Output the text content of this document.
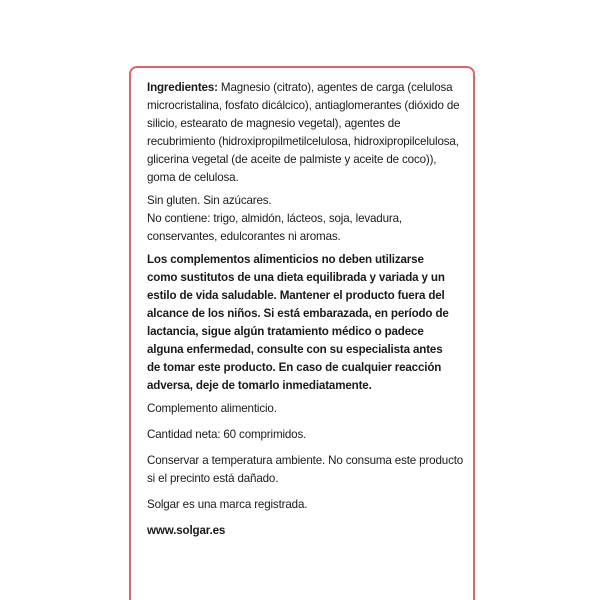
Ingredientes: Magnesio (citrato), agentes de carga (celulosa
microcristalina, fosfato dicálcico), antiaglomerantes (dióxido de
silicio, estearato de magnesio vegetal), agentes de
recubrimiento (hidroxipropilmetilcelulosa, hidroxipropilcelulosa,
glicerina vegetal (de aceite de palmiste y aceite de coco)),
goma de celulosa.
Sin gluten. Sin azúcares.
No contiene: trigo, almidón, lácteos, soja, levadura,
conservantes, edulcorantes ni aromas.
Los complementos alimenticios no deben utilizarse
como sustitutos de una dieta equilibrada y variada y un
estilo de vida saludable. Mantener el producto fuera del
alcance de los niños. Si está embarazada, en período de
lactancia, sigue algún tratamiento médico o padece
alguna enfermedad, consulte con su especialista antes
de tomar este producto. En caso de cualquier reacción
adversa, deje de tomarlo inmediatamente.
Complemento alimenticio.
Cantidad neta: 60 comprimidos.
Conservar a temperatura ambiente. No consuma este producto
si el precinto está dañado.
Solgar es una marca registrada.
www.solgar.es
